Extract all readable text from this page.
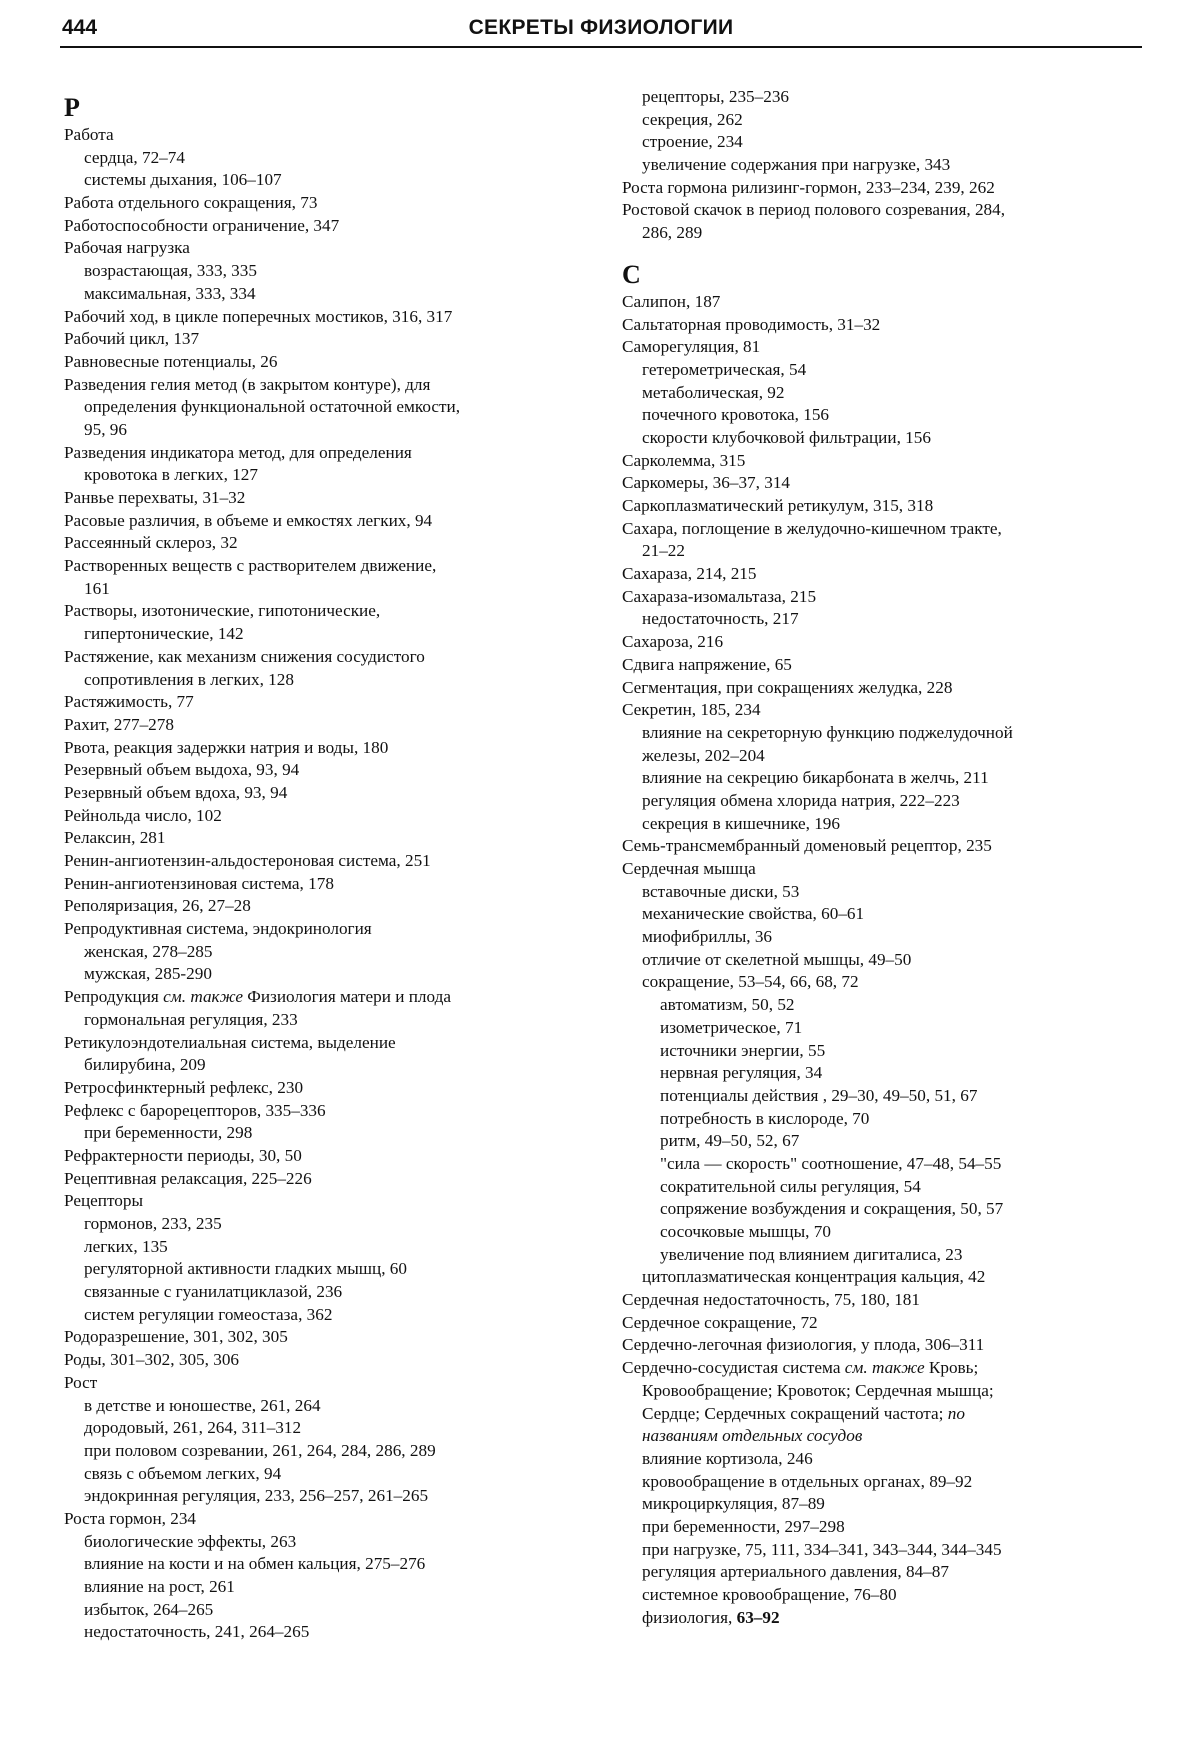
444	СЕКРЕТЫ ФИЗИОЛОГИИ
Р
Работа
сердца, 72–74
системы дыхания, 106–107
Работа отдельного сокращения, 73
Работоспособности ограничение, 347
Рабочая нагрузка
возрастающая, 333, 335
максимальная, 333, 334
Рабочий ход, в цикле поперечных мостиков, 316, 317
Рабочий цикл, 137
Равновесные потенциалы, 26
Разведения гелия метод (в закрытом контуре), для
определения функциональной остаточной емкости,
95, 96
Разведения индикатора метод, для определения
кровотока в легких, 127
Ранвье перехваты, 31–32
Расовые различия, в объеме и емкостях легких, 94
Рассеянный склероз, 32
Растворенных веществ с растворителем движение,
161
Растворы, изотонические, гипотонические,
гипертонические, 142
Растяжение, как механизм снижения сосудистого
сопротивления в легких, 128
Растяжимость, 77
Рахит, 277–278
Рвота, реакция задержки натрия и воды, 180
Резервный объем выдоха, 93, 94
Резервный объем вдоха, 93, 94
Рейнольда число, 102
Релаксин, 281
Ренин-ангиотензин-альдостероновая система, 251
Ренин-ангиотензиновая система, 178
Реполяризация, 26, 27–28
Репродуктивная система, эндокринология
женская, 278–285
мужская, 285-290
Репродукция см. также Физиология матери и плода
гормональная регуляция, 233
Ретикулоэндотелиальная система, выделение
билирубина, 209
Ретросфинктерный рефлекс, 230
Рефлекс с барорецепторов, 335–336
при беременности, 298
Рефрактерности периоды, 30, 50
Рецептивная релаксация, 225–226
Рецепторы
гормонов, 233, 235
легких, 135
регуляторной активности гладких мышц, 60
связанные с гуанилатциклазой, 236
систем регуляции гомеостаза, 362
Родоразрешение, 301, 302, 305
Роды, 301–302, 305, 306
Рост
в детстве и юношестве, 261, 264
дородовый, 261, 264, 311–312
при половом созревании, 261, 264, 284, 286, 289
связь с объемом легких, 94
эндокринная регуляция, 233, 256–257, 261–265
Роста гормон, 234
биологические эффекты, 263
влияние на кости и на обмен кальция, 275–276
влияние на рост, 261
избыток, 264–265
недостаточность, 241, 264–265
рецепторы, 235–236
секреция, 262
строение, 234
увеличение содержания при нагрузке, 343
Роста гормона рилизинг-гормон, 233–234, 239, 262
Ростовой скачок в период полового созревания, 284,
286, 289
С
Салипон, 187
Сальтаторная проводимость, 31–32
Саморегуляция, 81
гетерометрическая, 54
метаболическая, 92
почечного кровотока, 156
скорости клубочковой фильтрации, 156
Сарколемма, 315
Саркомеры, 36–37, 314
Саркоплазматический ретикулум, 315, 318
Сахара, поглощение в желудочно-кишечном тракте,
21–22
Сахараза, 214, 215
Сахараза-изомальтаза, 215
недостаточность, 217
Сахароза, 216
Сдвига напряжение, 65
Сегментация, при сокращениях желудка, 228
Секретин, 185, 234
влияние на секреторную функцию поджелудочной
железы, 202–204
влияние на секрецию бикарбоната в желчь, 211
регуляция обмена хлорида натрия, 222–223
секреция в кишечнике, 196
Семь-трансмембранный доменовый рецептор, 235
Сердечная мышца
вставочные диски, 53
механические свойства, 60–61
миофибриллы, 36
отличие от скелетной мышцы, 49–50
сокращение, 53–54, 66, 68, 72
автоматизм, 50, 52
изометрическое, 71
источники энергии, 55
нервная регуляция, 34
потенциалы действия , 29–30, 49–50, 51, 67
потребность в кислороде, 70
ритм, 49–50, 52, 67
"сила — скорость" соотношение, 47–48, 54–55
сократительной силы регуляция, 54
сопряжение возбуждения и сокращения, 50, 57
сосочковые мышцы, 70
увеличение под влиянием дигиталиса, 23
цитоплазматическая концентрация кальция, 42
Сердечная недостаточность, 75, 180, 181
Сердечное сокращение, 72
Сердечно-легочная физиология, у плода, 306–311
Сердечно-сосудистая система см. также Кровь;
Кровообращение; Кровоток; Сердечная мышца;
Сердце; Сердечных сокращений частота; по
названиям отдельных сосудов
влияние кортизола, 246
кровообращение в отдельных органах, 89–92
микроциркуляция, 87–89
при беременности, 297–298
при нагрузке, 75, 111, 334–341, 343–344, 344–345
регуляция артериального давления, 84–87
системное кровообращение, 76–80
физиология, 63–92
